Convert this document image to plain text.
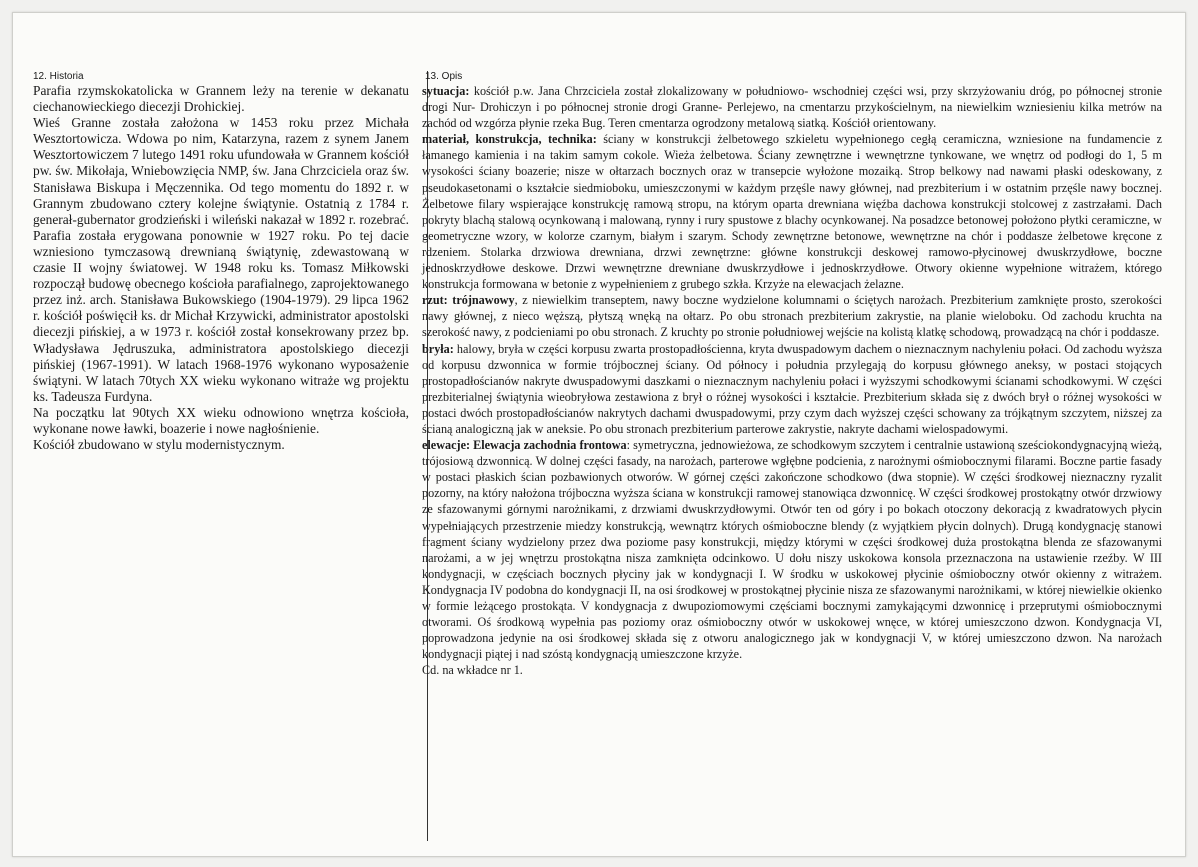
12. Historia

Parafia rzymskokatolicka w Grannem leży na terenie w dekanatu ciechanowieckiego diecezji Drohickiej.

Wieś Granne została założona w 1453 roku przez Michała Wesztortowicza. Wdowa po nim, Katarzyna, razem z synem Janem Wesztortowiczem 7 lutego 1491 roku ufundowała w Grannem kościół pw. św. Mikołaja, Wniebowzięcia NMP, św. Jana Chrzciciela oraz św. Stanisława Biskupa i Męczennika. Od tego momentu do 1892 r. w Grannym zbudowano cztery kolejne świątynie. Ostatnią z 1784 r. generał-gubernator grodzieński i wileński nakazał w 1892 r. rozebrać. Parafia została erygowana ponownie w 1927 roku. Po tej dacie wzniesiono tymczasową drewnianą świątynię, zdewastowaną w czasie II wojny światowej. W 1948 roku ks. Tomasz Miłkowski rozpoczął budowę obecnego kościoła parafialnego, zaprojektowanego przez inż. arch. Stanisława Bukowskiego (1904-1979). 29 lipca 1962 r. kościół poświęcił ks. dr Michał Krzywicki, administrator apostolski diecezji pińskiej, a w 1973 r. kościół został konsekrowany przez bp. Władysława Jędruszuka, administratora apostolskiego diecezji pińskiej (1967-1991). W latach 1968-1976 wykonano wyposażenie świątyni. W latach 70tych XX wieku wykonano witraże wg projektu ks. Tadeusza Furdyna.

Na początku lat 90tych XX wieku odnowiono wnętrza kościoła, wykonane nowe ławki, boazerie i nowe nagłośnienie.

Kościół zbudowano w stylu modernistycznym.

13. Opis

sytuacja: kościół p.w. Jana Chrzciciela został zlokalizowany w południowo- wschodniej części wsi, przy skrzyżowaniu dróg, po północnej stronie drogi Nur- Drohiczyn i po północnej stronie drogi Granne- Perlejewo, na cmentarzu przykościelnym, na niewielkim wzniesieniu kilka metrów na zachód od wzgórza płynie rzeka Bug. Teren cmentarza ogrodzony metalową siatką. Kościół orientowany.

materiał, konstrukcja, technika: ściany w konstrukcji żelbetowego szkieletu wypełnionego cegłą ceramiczna, wzniesione na fundamencie z łamanego kamienia i na takim samym cokole. Wieża żelbetowa. Ściany zewnętrzne i wewnętrzne tynkowane, we wnętrz od podłogi do 1, 5 m wysokości ściany boazerie; nisze w ołtarzach bocznych oraz w transepcie wyłożone mozaiką. Strop belkowy nad nawami płaski odeskowany, z pseudokasetonami o kształcie siedmioboku, umieszczonymi w każdym przęśle nawy głównej, nad prezbiterium i w ostatnim przęśle nawy bocznej. Żelbetowe filary wspierające konstrukcję ramową stropu, na którym oparta drewniana więźba dachowa konstrukcji stolcowej z zastrzałami. Dach pokryty blachą stalową ocynkowaną i malowaną, rynny i rury spustowe z blachy ocynkowanej. Na posadzce betonowej położono płytki ceramiczne, w geometryczne wzory, w kolorze czarnym, białym i szarym. Schody zewnętrzne betonowe, wewnętrzne na chór i poddasze żelbetowe kręcone z rdzeniem. Stolarka drzwiowa drewniana, drzwi zewnętrzne: główne konstrukcji deskowej ramowo-płycinowej dwuskrzydłowe, boczne jednoskrzydłowe deskowe. Drzwi wewnętrzne drewniane dwuskrzydłowe i jednoskrzydłowe. Otwory okienne wypełnione witrażem, którego konstrukcja formowana w betonie z wypełnieniem z grubego szkła. Krzyże na elewacjach żelazne.

rzut: trójnawowy, z niewielkim transeptem, nawy boczne wydzielone kolumnami o ściętych narożach. Prezbiterium zamknięte prosto, szerokości nawy głównej, z nieco węższą, płytszą wnęką na ołtarz. Po obu stronach prezbiterium zakrystie, na planie wieloboku. Od zachodu kruchta na szerokość nawy, z podcieniami po obu stronach. Z kruchty po stronie południowej wejście na kolistą klatkę schodową, prowadzącą na chór i poddasze.

bryła: halowy, bryła w części korpusu zwarta prostopadłościenna, kryta dwuspadowym dachem o nieznacznym nachyleniu połaci. Od zachodu wyższa od korpusu dzwonnica w formie trójbocznej ściany. Od północy i południa przylegają do korpusu głównego aneksy, w postaci stojących prostopadłościanów nakryte dwuspadowymi daszkami o nieznacznym nachyleniu połaci i wyższymi schodkowymi ścianami schodkowymi. W części prezbiterialnej świątynia wieobryłowa zestawiona z brył o różnej wysokości i kształcie. Prezbiterium składa się z dwóch brył o różnej wysokości w postaci dwóch prostopadłościanów nakrytych dachami dwuspadowymi, przy czym dach wyższej części schowany za trójkątnym szczytem, niższej za ścianą analogiczną jak w aneksie. Po obu stronach prezbiterium parterowe zakrystie, nakryte dachami wielospadowymi.

elewacje: Elewacja zachodnia frontowa: symetryczna, jednowieżowa, ze schodkowym szczytem i centralnie ustawioną sześciokondygnacyjną wieżą, trójosiową dzwonnicą. W dolnej części fasady, na narożach, parterowe wgłębne podcienia, z narożnymi ośmiobocznymi filarami. Boczne partie fasady w postaci płaskich ścian pozbawionych otworów. W górnej części zakończone schodkowo (dwa stopnie). W części środkowej nieznaczny ryzalit pozorny, na który nałożona trójboczna wyższa ściana w konstrukcji ramowej stanowiąca dzwonnicę. W części środkowej prostokątny otwór drzwiowy ze sfazowanymi górnymi narożnikami, z drzwiami dwuskrzydłowymi. Otwór ten od góry i po bokach otoczony dekoracją z kwadratowych płycin wypełniających przestrzenie miedzy konstrukcją, wewnątrz których ośmioboczne blendy (z wyjątkiem płycin dolnych). Drugą kondygnację stanowi fragment ściany wydzielony przez dwa poziome pasy konstrukcji, między którymi w części środkowej duża prostokątna blenda ze sfazowanymi narożami, a w jej wnętrzu prostokątna nisza zamknięta odcinkowo. U dołu niszy uskokowa konsola przeznaczona na ustawienie rzeźby. W III kondygnacji, w częściach bocznych płyciny jak w kondygnacji I. W środku w uskokowej płycinie ośmioboczny otwór okienny z witrażem. Kondygnacja IV podobna do kondygnacji II, na osi środkowej w prostokątnej płycinie nisza ze sfazowanymi narożnikami, w której niewielkie okienko w formie leżącego prostokąta. V kondygnacja z dwupoziomowymi częściami bocznymi zamykającymi dzwonnicę i przeprutymi ośmiobocznymi otworami. Oś środkową wypełnia pas poziomy oraz ośmioboczny otwór w uskokowej wnęce, w której umieszczono dzwon. Kondygnacja VI, poprowadzona jedynie na osi środkowej składa się z otworu analogicznego jak w kondygnacji V, w której umieszczono dzwon. Na narożach kondygnacji piątej i nad szóstą kondygnacją umieszczone krzyże.

Cd. na wkładce nr 1.
